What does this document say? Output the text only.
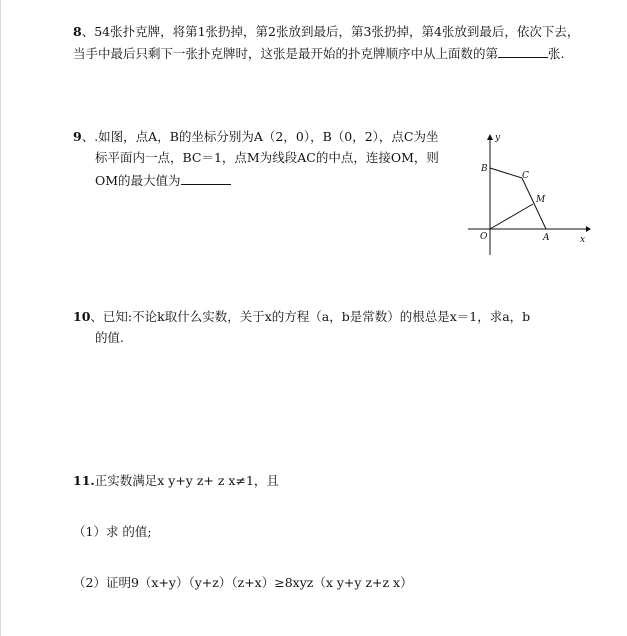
8、54张扑克牌，将第1张扔掉，第2张放到最后，第3张扔掉，第4张放到最后，依次下去，
当手中最后只剩下一张扑克牌时，这张是最开始的扑克牌顺序中从上面数的第	张.
9、.如图，点A，B的坐标分别为A（2，0），B（0，2），点C为坐
标平面内一点，BC＝1，点M为线段AC的中点，连接OM，则
OM的最大值为
y
x
B
C
M
O	A
10、已知:不论k取什么实数，关于x的方程（a，b是常数）的根总是x＝1，求a，b
的值.
11.正实数满足x y+y z+ z x≠1，且
（1）求 的值;
（2）证明9（x+y）（y+z）（z+x）≥8xyz（x y+y z+z x）
